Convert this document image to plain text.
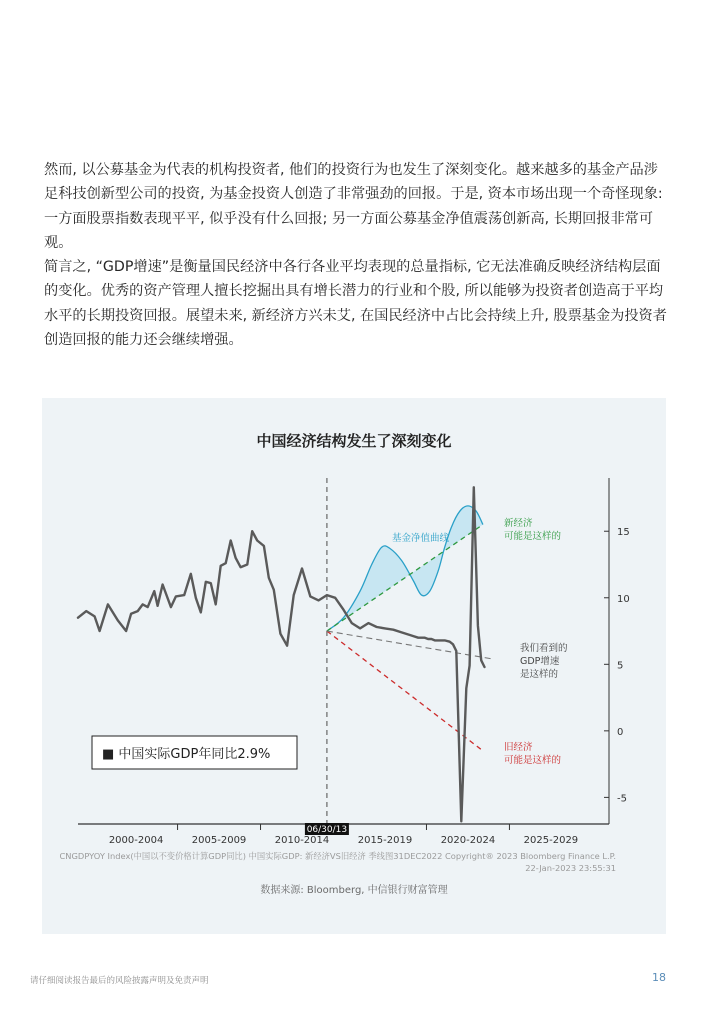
然而, 以公募基金为代表的机构投资者, 他们的投资行为也发生了深刻变化。越来越多的基金产品涉足科技创新型公司的投资, 为基金投资人创造了非常强劲的回报。于是, 资本市场出现一个奇怪现象: 一方面股票指数表现平平, 似乎没有什么回报; 另一方面公募基金净值震荡创新高, 长期回报非常可观。

简言之, “GDP增速”是衡量国民经济中各行各业平均表现的总量指标, 它无法准确反映经济结构层面的变化。优秀的资产管理人擅长挖掘出具有增长潜力的行业和个股, 所以能够为投资者创造高于平均水平的长期投资回报。展望未来, 新经济方兴未艾, 在国民经济中占比会持续上升, 股票基金为投资者创造回报的能力还会继续增强。

中国经济结构发生了深刻变化
15
10
5
0
-5
2000-2004	2005-2009	2010-2014	2015-2019	2020-2024	2025-2029
06/30/13
基金净值曲线
新经济
可能是这样的
我们看到的
GDP增速
是这样的
旧经济
可能是这样的
■ 中国实际GDP年同比2.9%
CNGDPYOY Index(中国以不变价格计算GDP同比) 中国实际GDP: 新经济VS旧经济 季线图31DEC2022 Copyright® 2023 Bloomberg Finance L.P.
22-Jan-2023 23:55:31
数据来源: Bloomberg, 中信银行财富管理
请仔细阅读报告最后的风险披露声明及免责声明	18
